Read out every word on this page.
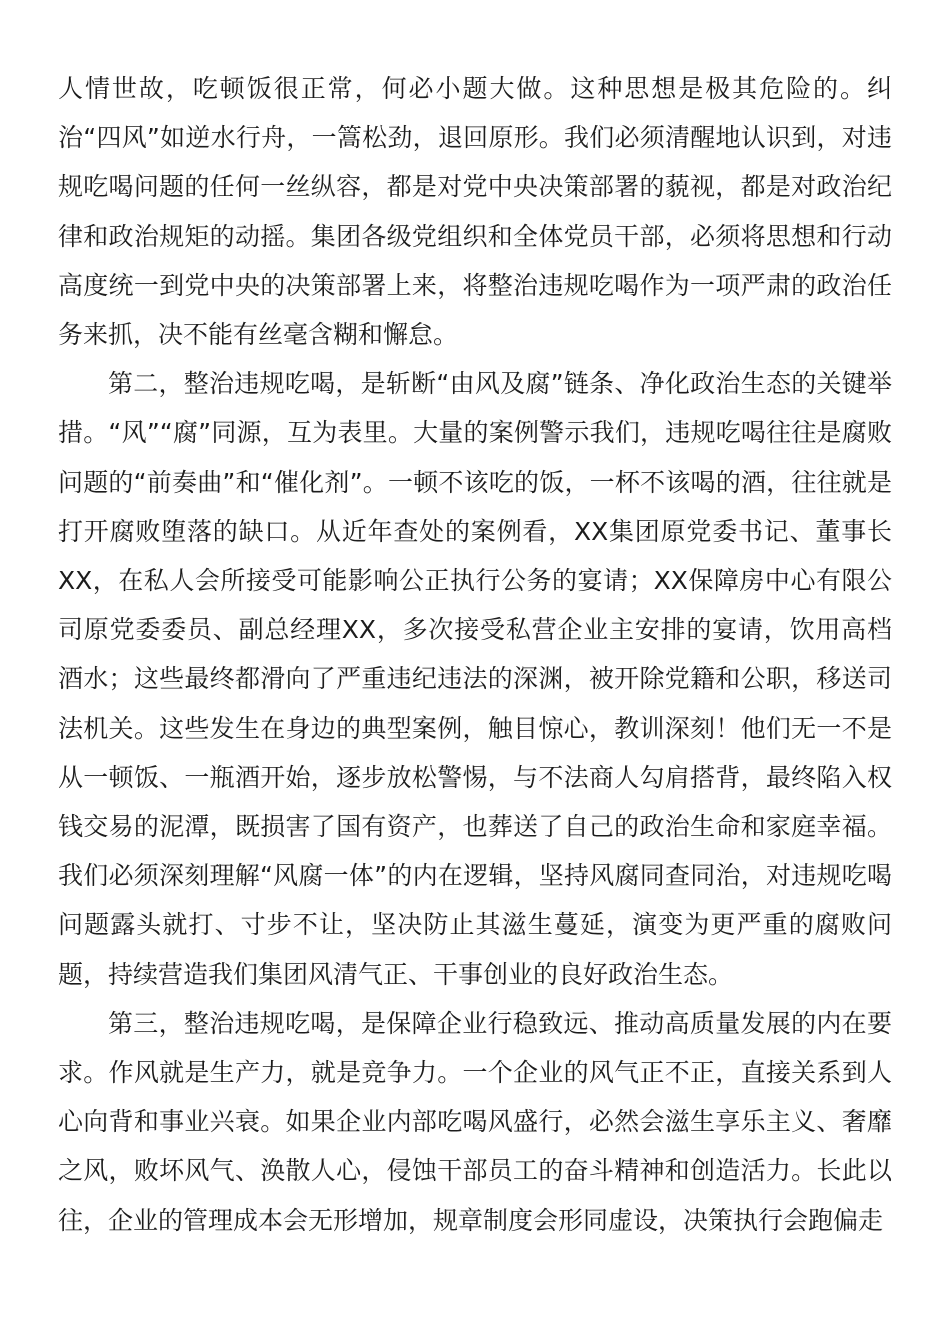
人情世故，吃顿饭很正常，何必小题大做。这种思想是极其危险的。纠治“四风”如逆水行舟，一篙松劲，退回原形。我们必须清醒地认识到，对违规吃喝问题的任何一丝纵容，都是对党中央决策部署的藐视，都是对政治纪律和政治规矩的动摇。集团各级党组织和全体党员干部，必须将思想和行动高度统一到党中央的决策部署上来，将整治违规吃喝作为一项严肃的政治任务来抓，决不能有丝毫含糊和懈怠。

第二，整治违规吃喝，是斩断“由风及腐”链条、净化政治生态的关键举措。“风”“腐”同源，互为表里。大量的案例警示我们，违规吃喝往往是腐败问题的“前奏曲”和“催化剂”。一顿不该吃的饭，一杯不该喝的酒，往往就是打开腐败堕落的缺口。从近年查处的案例看，XX集团原党委书记、董事长XX，在私人会所接受可能影响公正执行公务的宴请；XX保障房中心有限公司原党委委员、副总经理XX，多次接受私营企业主安排的宴请，饮用高档酒水；这些最终都滑向了严重违纪违法的深渊，被开除党籍和公职，移送司法机关。这些发生在身边的典型案例，触目惊心，教训深刻！他们无一不是从一顿饭、一瓶酒开始，逐步放松警惕，与不法商人勾肩搭背，最终陷入权钱交易的泥潭，既损害了国有资产，也葬送了自己的政治生命和家庭幸福。我们必须深刻理解“风腐一体”的内在逻辑，坚持风腐同查同治，对违规吃喝问题露头就打、寸步不让，坚决防止其滋生蔓延，演变为更严重的腐败问题，持续营造我们集团风清气正、干事创业的良好政治生态。

第三，整治违规吃喝，是保障企业行稳致远、推动高质量发展的内在要求。作风就是生产力，就是竞争力。一个企业的风气正不正，直接关系到人心向背和事业兴衰。如果企业内部吃喝风盛行，必然会滋生享乐主义、奢靡之风，败坏风气、涣散人心，侵蚀干部员工的奋斗精神和创造活力。长此以往，企业的管理成本会无形增加，规章制度会形同虚设，决策执行会跑偏走
